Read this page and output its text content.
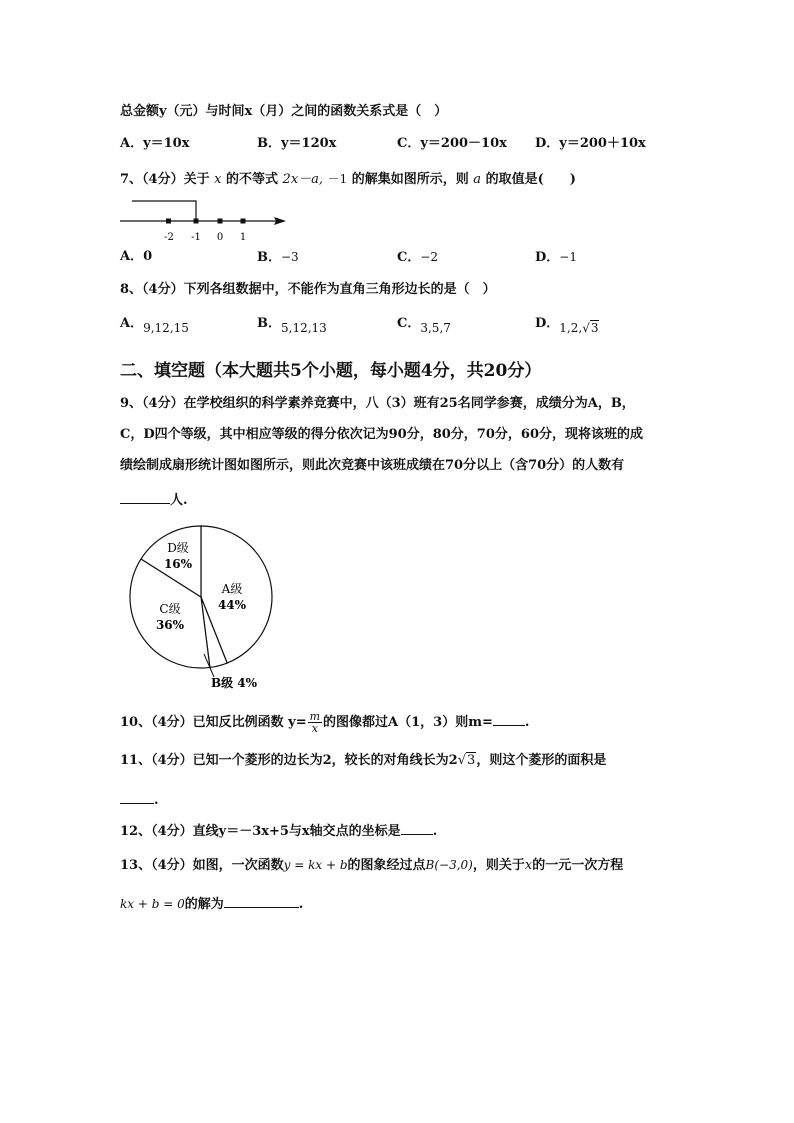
总金额y（元）与时间x（月）之间的函数关系式是（　）
A．y＝10x	B．y＝120x	C．y＝200－10x D．y＝200＋10x
7、（4分）关于 x 的不等式 2x－a, －1 的解集如图所示，则 a 的取值是(　　)
-2 -1 0 1
A．0	B．−3	C．−2	D．−1
8、（4分）下列各组数据中，不能作为直角三角形边长的是（　）
A．9,12,15	B．5,12,13	C．3,5,7	D．1,2,√3
二、填空题（本大题共5个小题，每小题4分，共20分）
9、（4分）在学校组织的科学素养竞赛中，八（3）班有25名同学参赛，成绩分为A，B，
C，D四个等级，其中相应等级的得分依次记为90分，80分，70分，60分，现将该班的成
绩绘制成扇形统计图如图所示，则此次竞赛中该班成绩在70分以上（含70分）的人数有
人.
A级
44%
D级
16%
C级
36%
B级 4%
10、（4分）已知反比例函数 $y= \frac{m}{x}$ 的图像都过A（1，3）则m= .
11、（4分）已知一个菱形的边长为2，较长的对角线长为2√3，则这个菱形的面积是
.
12、（4分）直线y＝－3x+5与x轴交点的坐标是 .
13、（4分）如图，一次函数y = kx + b的图象经过点B(−3,0)，则关于x的一元一次方程
kx + b = 0的解为	.
